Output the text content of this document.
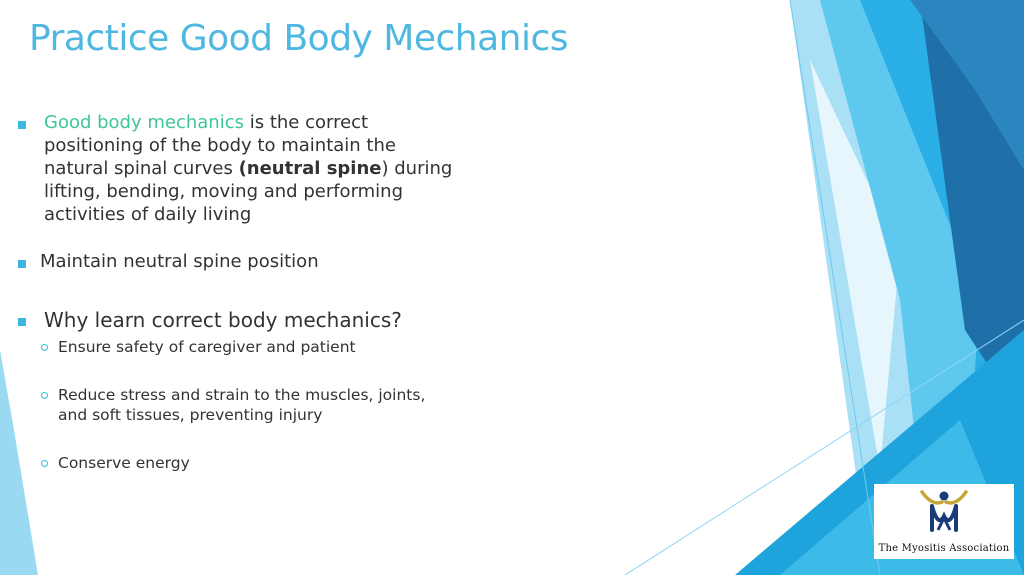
Practice Good Body Mechanics
Good body mechanics is the correct positioning of the body to maintain the natural spinal curves (neutral spine) during lifting, bending, moving and performing activities of daily living
Maintain neutral spine position
Why learn correct body mechanics?
Ensure safety of caregiver and patient
Reduce stress and strain to the muscles, joints, and soft tissues, preventing injury
Conserve energy
The Myositis Association
